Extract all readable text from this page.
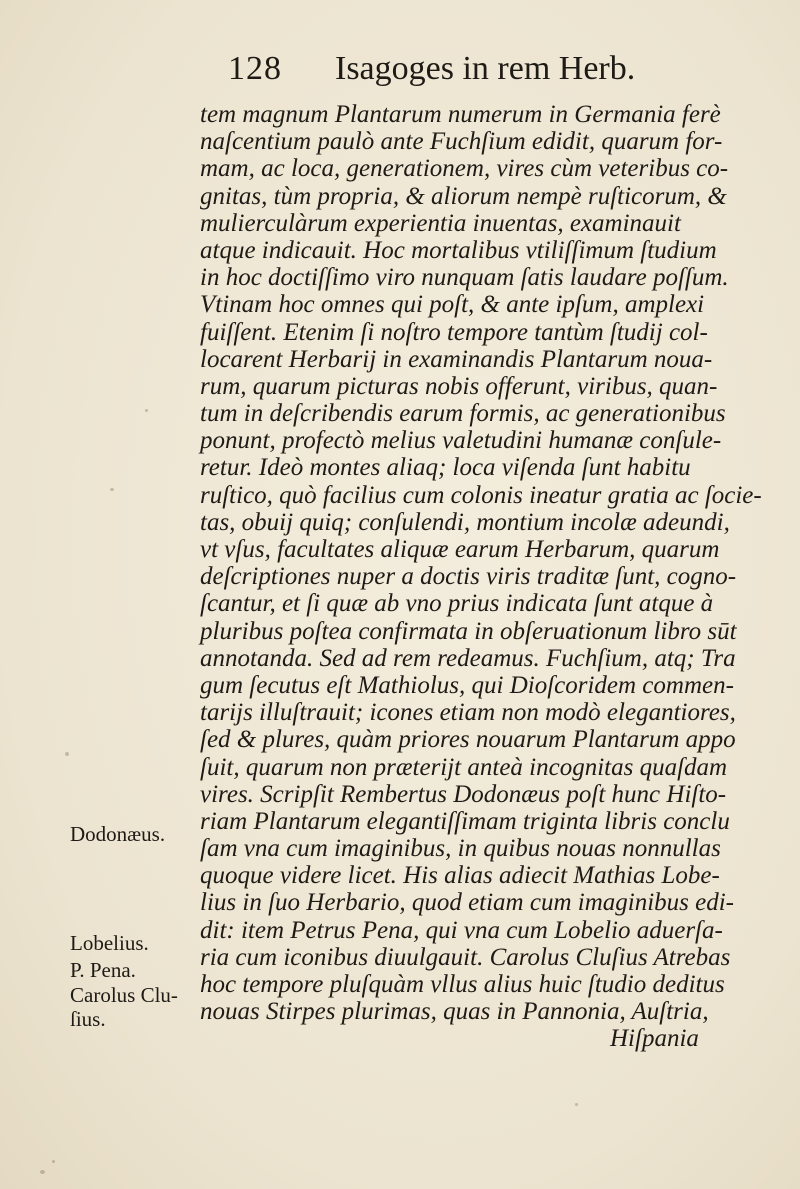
128 Isagoges in rem Herb.
tem magnum Plantarum numerum in Germania ferè
naſcentium paulò ante Fuchſium edidit, quarum for-
mam, ac loca, generationem, vires cùm veteribus co-
gnitas, tùm propria, & aliorum nempè ruſticorum, &
mulierculàrum experientia inuentas, examinauit
atque indicauit. Hoc mortalibus vtiliſſimum ſtudium
in hoc doctiſſimo viro nunquam ſatis laudare poſſum.
Vtinam hoc omnes qui poſt, & ante ipſum, amplexi
fuiſſent. Etenim ſi noſtro tempore tantùm ſtudij col-
locarent Herbarij in examinandis Plantarum noua-
rum, quarum picturas nobis offerunt, viribus, quan-
tum in deſcribendis earum formis, ac generationibus
ponunt, profectò melius valetudini humanæ conſule-
retur. Ideò montes aliaq; loca viſenda ſunt habitu
ruſtico, quò facilius cum colonis ineatur gratia ac ſocie-
tas, obuij quiq; conſulendi, montium incolæ adeundi,
vt vſus, facultates aliquæ earum Herbarum, quarum
deſcriptiones nuper a doctis viris traditæ ſunt, cogno-
ſcantur, et ſi quæ ab vno prius indicata ſunt atque à
pluribus poſtea confirmata in obſeruationum libro sūt
annotanda. Sed ad rem redeamus. Fuchſium, atq; Tra
gum ſecutus eſt Mathiolus, qui Dioſcoridem commen-
tarijs illuſtrauit; icones etiam non modò elegantiores,
ſed & plures, quàm priores nouarum Plantarum appo
ſuit, quarum non præterijt anteà incognitas quaſdam
vires. Scripſit Rembertus Dodonæus poſt hunc Hiſto-
riam Plantarum elegantiſſimam triginta libris conclu
ſam vna cum imaginibus, in quibus nouas nonnullas
quoque videre licet. His alias adiecit Mathias Lobe-
lius in ſuo Herbario, quod etiam cum imaginibus edi-
dit: item Petrus Pena, qui vna cum Lobelio aduerſa-
ria cum iconibus diuulgauit. Carolus Cluſius Atrebas
hoc tempore pluſquàm vllus alius huic ſtudio deditus
nouas Stirpes plurimas, quas in Pannonia, Auſtria,
Hiſpania
Dodonæus.
Lobelius.
P. Pena.
Carolus Clu-
ſius.
